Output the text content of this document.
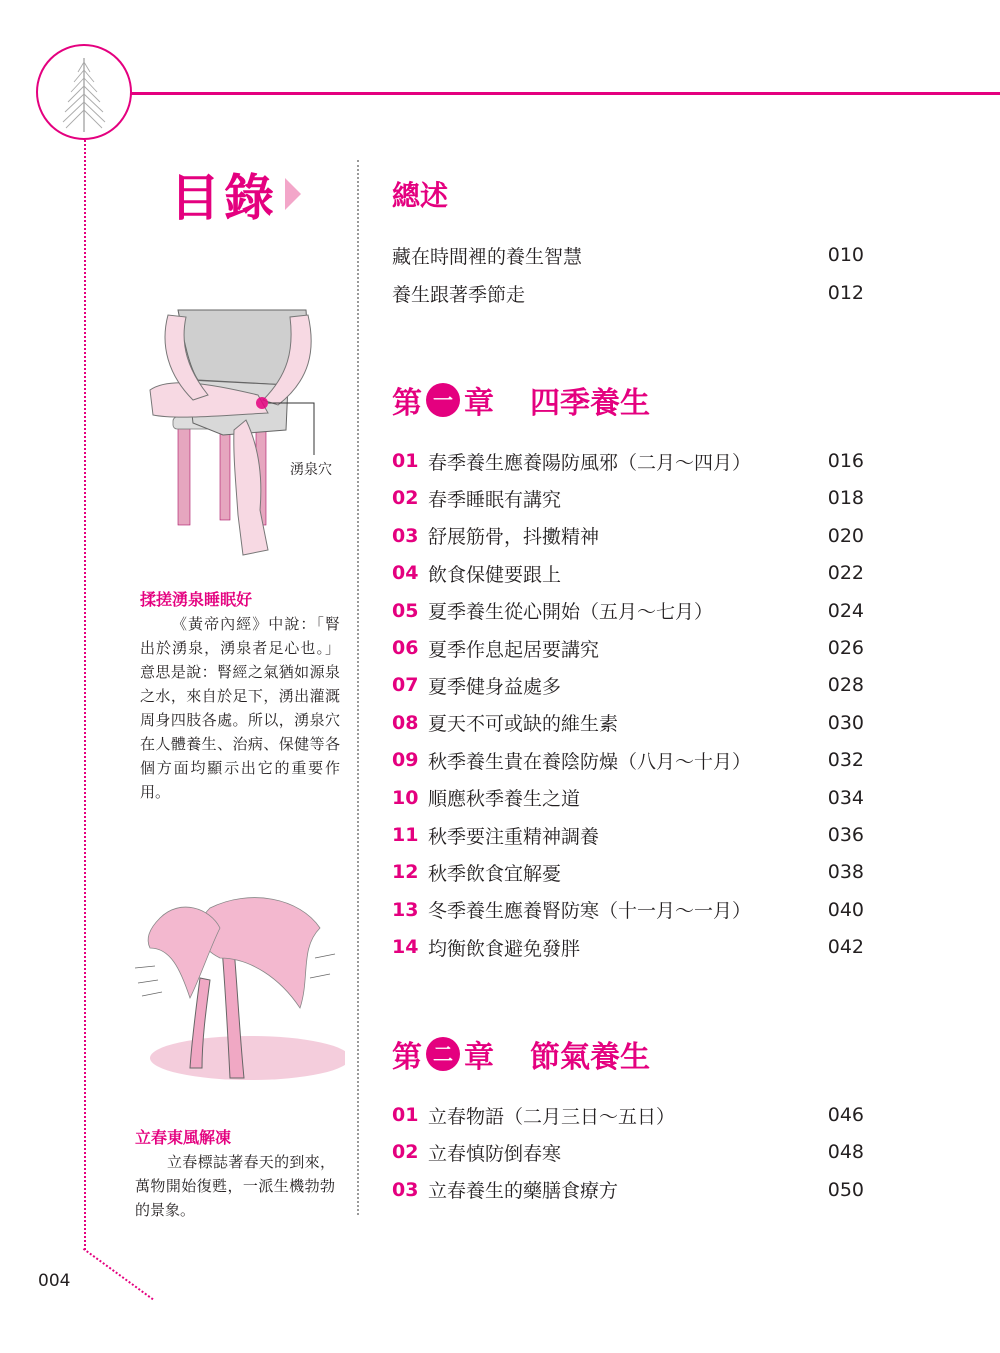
目錄
湧泉穴
揉搓湧泉睡眠好
《黃帝內經》中說：「腎出於湧泉，湧泉者足心也。」意思是說：腎經之氣猶如源泉之水，來自於足下，湧出灌溉周身四肢各處。所以，湧泉穴在人體養生、治病、保健等各個方面均顯示出它的重要作用。
立春東風解凍
立春標誌著春天的到來，萬物開始復甦，一派生機勃勃的景象。
004
總述
藏在時間裡的養生智慧	010
養生跟著季節走	012
第 一 章 四季養生
01 春季養生應養陽防風邪（二月～四月）	016
02 春季睡眠有講究	018
03 舒展筋骨，抖擻精神	020
04 飲食保健要跟上	022
05 夏季養生從心開始（五月～七月）	024
06 夏季作息起居要講究	026
07 夏季健身益處多	028
08 夏天不可或缺的維生素	030
09 秋季養生貴在養陰防燥（八月～十月）	032
10 順應秋季養生之道	034
11 秋季要注重精神調養	036
12 秋季飲食宜解憂	038
13 冬季養生應養腎防寒（十一月～一月）	040
14 均衡飲食避免發胖	042
第 二 章 節氣養生
01 立春物語（二月三日～五日）	046
02 立春慎防倒春寒	048
03 立春養生的藥膳食療方	050
